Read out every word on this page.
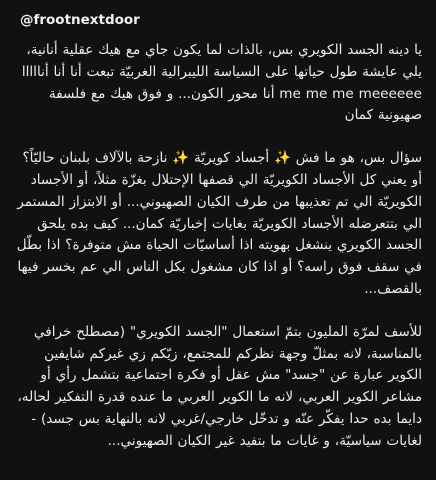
@frootnextdoor

يا دينه الجسد الكويري بس، بالذات لما يكون جاي مع هيك عقلية أنانية، يلي عايشة طول حياتها على السياسة الليبرالية الغربيّة تبعت أنا أنا أنااااا me me me meeeeee أنا محور الكون... و فوق هيك مع فلسفة صهيونية كمان

سؤال بس، هو ما فش ✨ أجساد كويريّة ✨ نازحة بالآلاف بلبنان حاليّاً؟ أو يعني كل الأجساد الكويريّة الي قصفها الإحتلال بغزّة مثلاً، أو الأجساد الكويريّة الي تم تعذيبها من طرف الكيان الصهيوني... أو الابتزاز المستمر الي بتتعرضله الأجساد الكويريّة بغايات إخباريّة كمان... كيف بده يلحق الجسد الكويري ينشغل بهويته اذا أساسيّات الحياة مش متوفرة؟ اذا بطّل في سقف فوق راسه؟ أو اذا كان مشغول بكل الناس الي عم بخسر فيها بالقصف...

للأسف لمرّة المليون بتمّ استعمال "الجسد الكويري" (مصطلح خرافي بالمناسبة، لانه بمثلّ وجهة نظركم للمجتمع، زيّكم زي غيركم شايفين الكوير عبارة عن "جسد" مش عقل أو فكرة اجتماعية بتشمل رأي أو مشاعر الكوير العربي، لانه ما الكوير العربي ما عنده قدرة التفكير لحاله، دايما بده حدا يفكّر عنّه و تدخّل خارجي/غربي لانه بالنهاية بس جسد) - لغايات سياسيّة، و غايات ما بتفيد غير الكيان الصهيوني...
